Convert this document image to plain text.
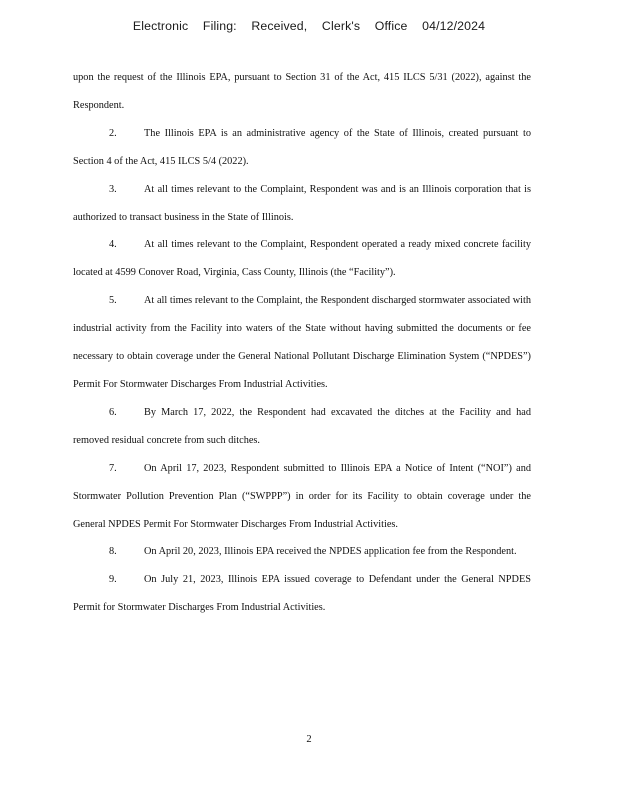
Electronic Filing: Received, Clerk's Office 04/12/2024

upon the request of the Illinois EPA, pursuant to Section 31 of the Act, 415 ILCS 5/31 (2022), against the Respondent.

2.	The Illinois EPA is an administrative agency of the State of Illinois, created pursuant to Section 4 of the Act, 415 ILCS 5/4 (2022).

3.	At all times relevant to the Complaint, Respondent was and is an Illinois corporation that is authorized to transact business in the State of Illinois.

4.	At all times relevant to the Complaint, Respondent operated a ready mixed concrete facility located at 4599 Conover Road, Virginia, Cass County, Illinois (the “Facility”).

5.	At all times relevant to the Complaint, the Respondent discharged stormwater associated with industrial activity from the Facility into waters of the State without having submitted the documents or fee necessary to obtain coverage under the General National Pollutant Discharge Elimination System (“NPDES”) Permit For Stormwater Discharges From Industrial Activities.

6.	By March 17, 2022, the Respondent had excavated the ditches at the Facility and had removed residual concrete from such ditches.

7.	On April 17, 2023, Respondent submitted to Illinois EPA a Notice of Intent (“NOI”) and Stormwater Pollution Prevention Plan (“SWPPP”) in order for its Facility to obtain coverage under the General NPDES Permit For Stormwater Discharges From Industrial Activities.

8.	On April 20, 2023, Illinois EPA received the NPDES application fee from the Respondent.

9.	On July 21, 2023, Illinois EPA issued coverage to Defendant under the General NPDES Permit for Stormwater Discharges From Industrial Activities.

2
